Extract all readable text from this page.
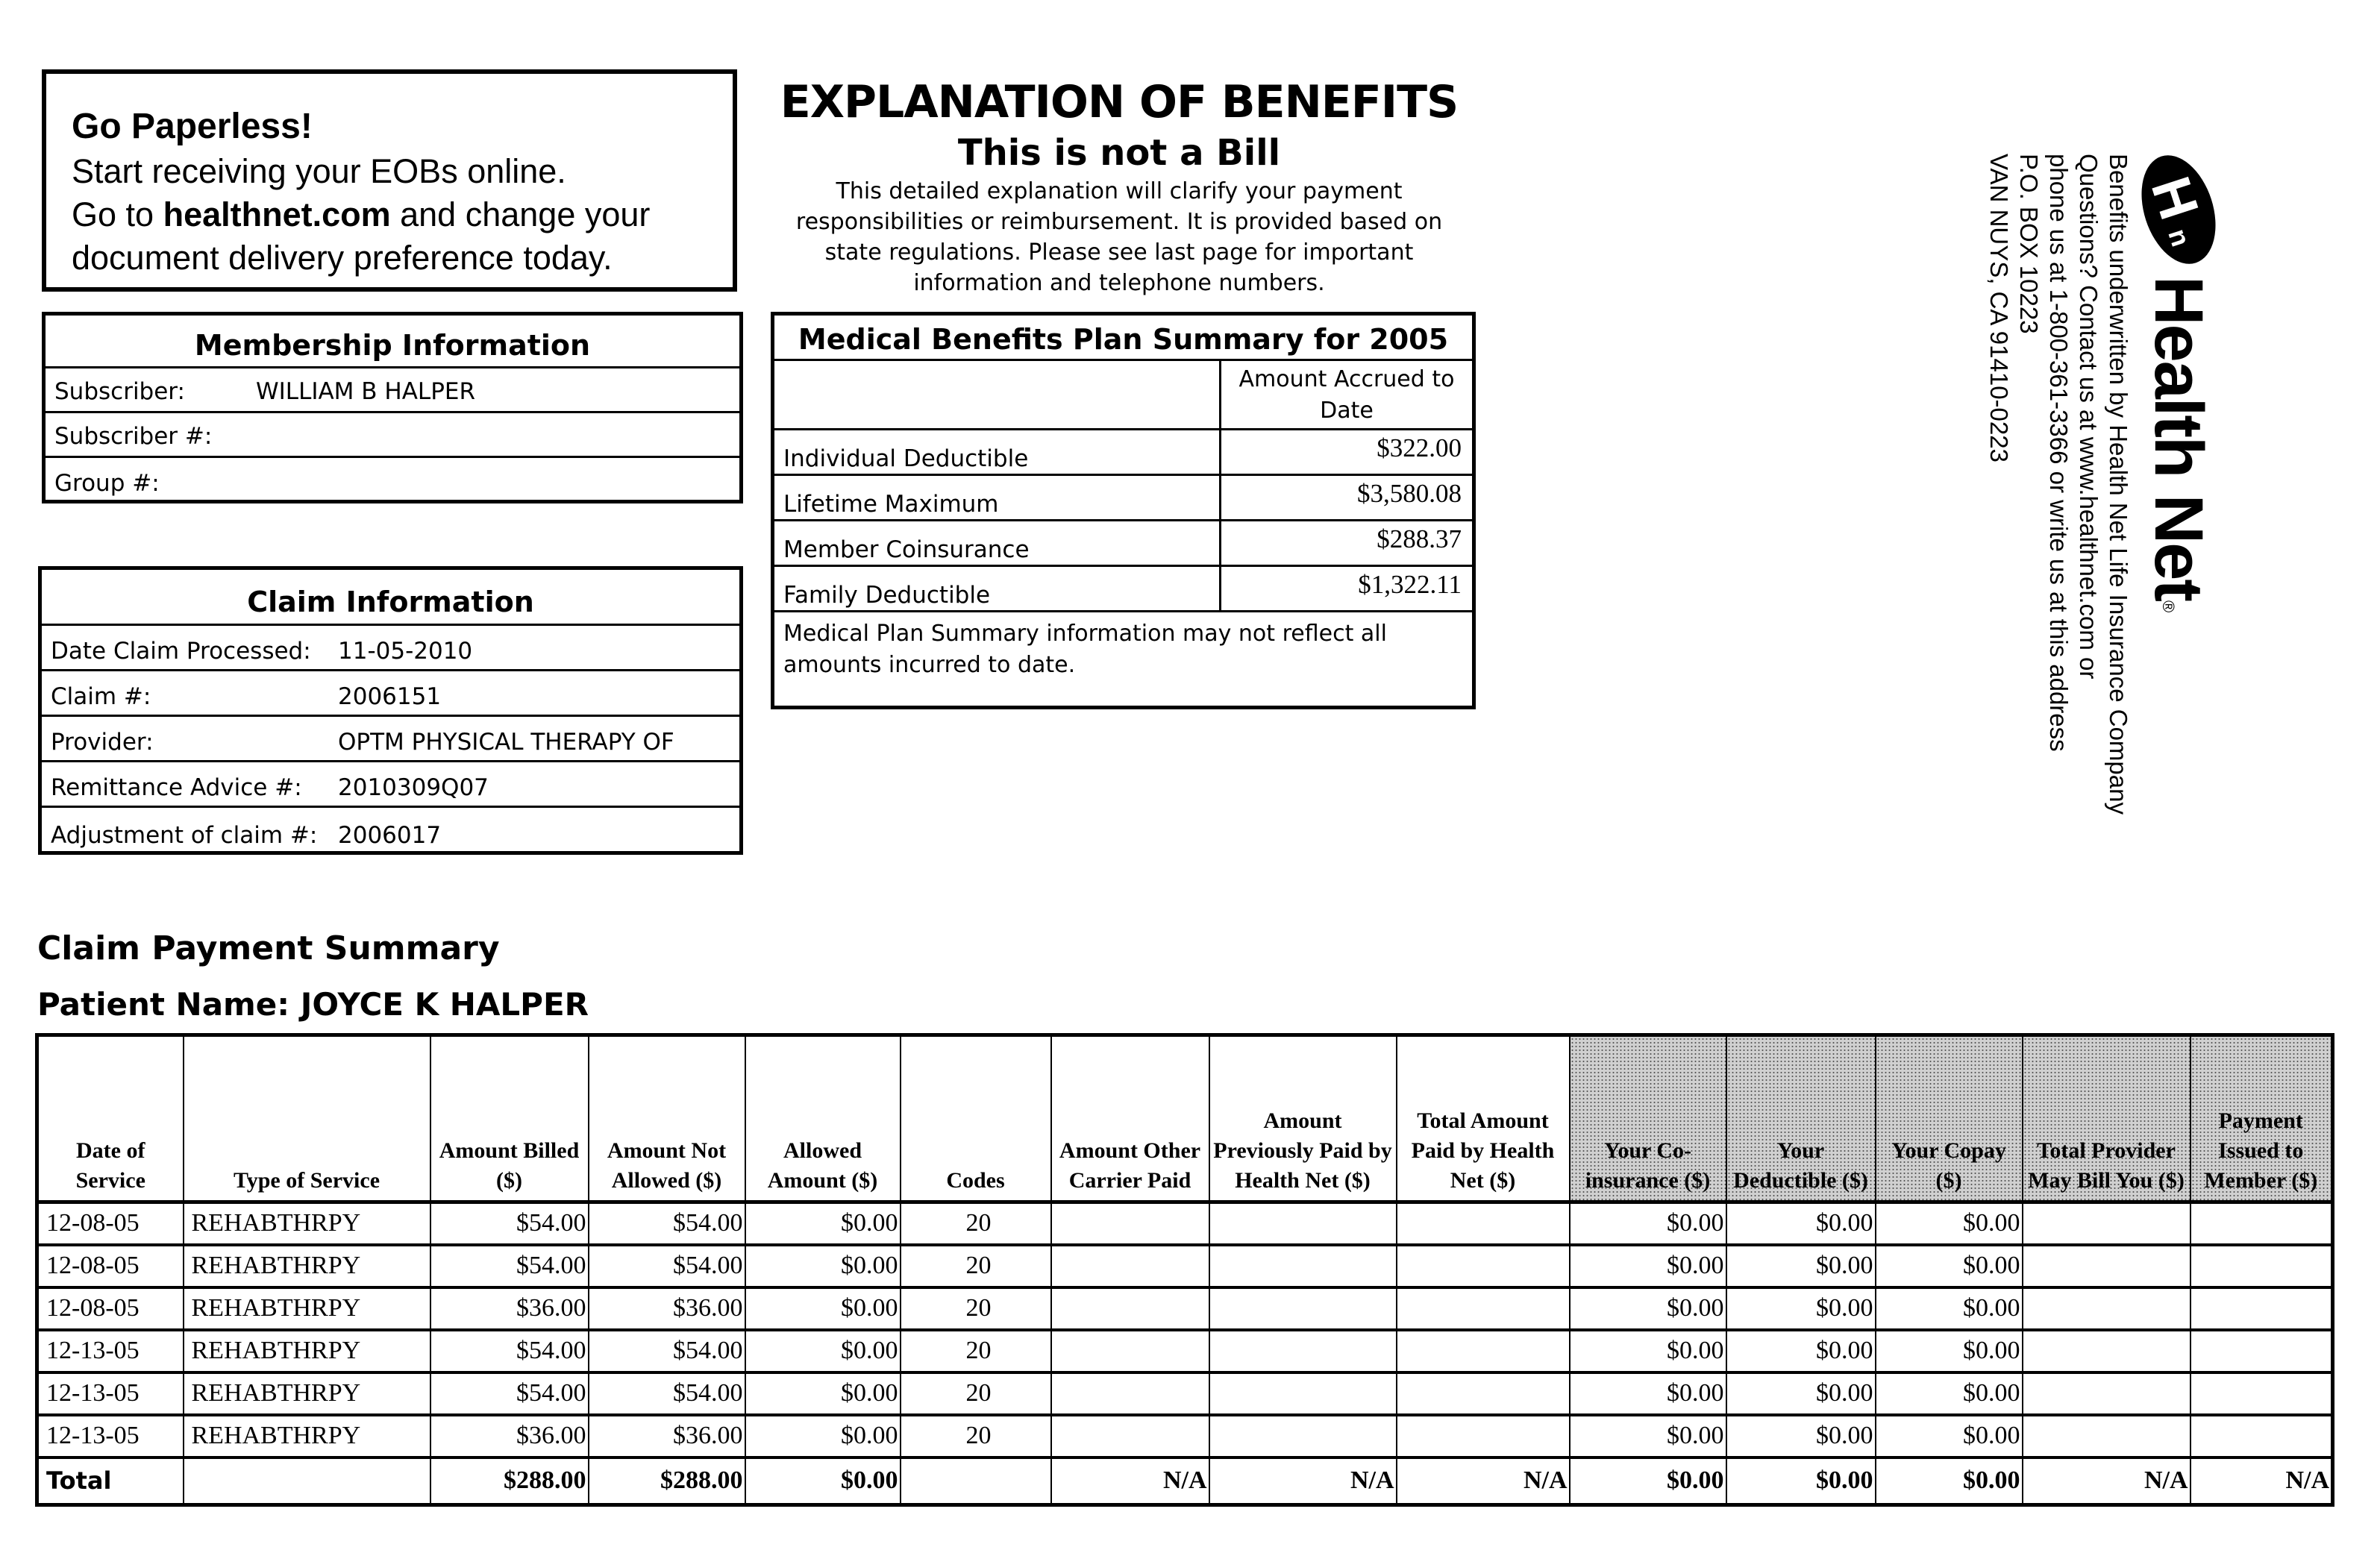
Go Paperless!
Start receiving your EOBs online.
Go to healthnet.com and change your
document delivery preference today.
EXPLANATION OF BENEFITS
This is not a Bill
This detailed explanation will clarify your payment responsibilities or reimbursement. It is provided based on state regulations. Please see last page for important information and telephone numbers.
Membership Information
Subscriber:	WILLIAM B HALPER
Subscriber #:
Group #:
Claim Information
Date Claim Processed:	11-05-2010
Claim #:	2006151
Provider:	OPTM PHYSICAL THERAPY OF
Remittance Advice #:	2010309Q07
Adjustment of claim #: 2006017
Medical Benefits Plan Summary for 2005
Amount Accrued to Date
Individual Deductible	$322.00
Lifetime Maximum	$3,580.08
Member Coinsurance	$288.37
Family Deductible	$1,322.11
Medical Plan Summary information may not reflect all amounts incurred to date.
H
n
Health Net
®
Benefits underwritten by Health Net Life Insurance Company
Questions? Contact us at www.healthnet.com or
phone us at 1-800-361-3366 or write us at this address
P.O. BOX 10223
VAN NUYS, CA 91410-0223
Claim Payment Summary
Patient Name: JOYCE K HALPER
Date of Service	Type of Service	Amount Billed ($)	Amount Not Allowed ($)	Allowed Amount ($)	Codes	Amount Other Carrier Paid	Amount Previously Paid by Health Net ($)	Total Amount Paid by Health Net ($)	Your Co-insurance ($)	Your Deductible ($)	Your Copay ($)	Total Provider May Bill You ($)	Payment Issued to Member ($)
12-08-05	REHABTHRPY	$54.00	$54.00	$0.00	20				$0.00	$0.00	$0.00		
12-08-05	REHABTHRPY	$54.00	$54.00	$0.00	20				$0.00	$0.00	$0.00		
12-08-05	REHABTHRPY	$36.00	$36.00	$0.00	20				$0.00	$0.00	$0.00		
12-13-05	REHABTHRPY	$54.00	$54.00	$0.00	20				$0.00	$0.00	$0.00		
12-13-05	REHABTHRPY	$54.00	$54.00	$0.00	20				$0.00	$0.00	$0.00		
12-13-05	REHABTHRPY	$36.00	$36.00	$0.00	20				$0.00	$0.00	$0.00		
Total		$288.00	$288.00	$0.00		N/A	N/A	N/A	$0.00	$0.00	$0.00	N/A	N/A
